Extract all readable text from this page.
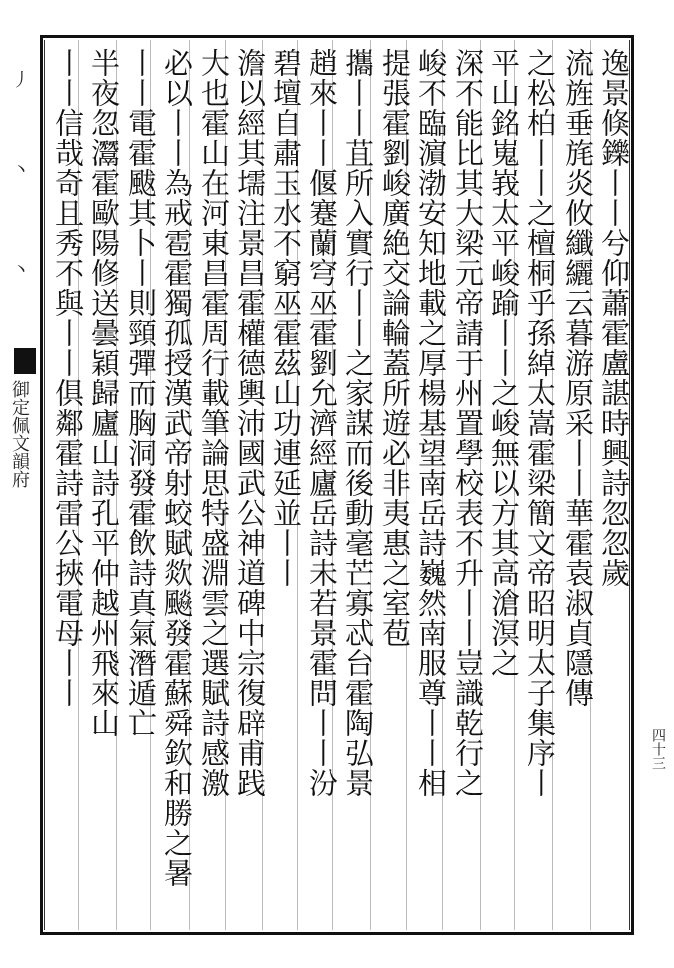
丿
丶
丶
御定佩文韻府	逸景倏鑠丨丨兮仰蕭霍盧諶時興詩忽忽歲
流旌垂旄炎攸纖纚云暮游原采丨丨華霍袁淑貞隱傳
之松柏丨丨之檀桐乎孫綽太嵩霍梁簡文帝昭明太子集序丨
平山銘嵬峩太平峻踰丨丨之峻無以方其高滄溟之
深不能比其大梁元帝請于州置學校表不升丨丨豈識乾行之
峻不臨濵渤安知地載之厚楊基望南岳詩巍然南服尊丨丨相
提張霍劉峻廣絶交論輪蓋所遊必非夷惠之室苞
攜丨丨苴所入實行丨丨之家謀而後動毫芒寡忒台霍陶弘景
趙來丨丨偃蹇蘭穹巫霍劉允濟經廬岳詩未若景霍問丨丨汾
碧壇自肅玉水不窮巫霍茲山功連延並丨丨
澹以經其壖注景昌霍權德輿沛國武公神道碑中宗復辟甫践
大也霍山在河東昌霍周行載筆論思特盛淵雲之選賦詩感激
必以丨丨為戒雹霍獨孤授漢武帝射蛟賦欻飈發霍蘇舜欽和勝之暑
丨丨電霍颰其卜丨則頸彈而胸洞發霍飲詩真氣潛遁亡
半夜忽灊霍歐陽修送曇穎歸廬山詩孔平仲越州飛來山
丨丨信哉奇且秀不與丨丨俱鄰霍詩雷公挾電母丨丨
四十三
